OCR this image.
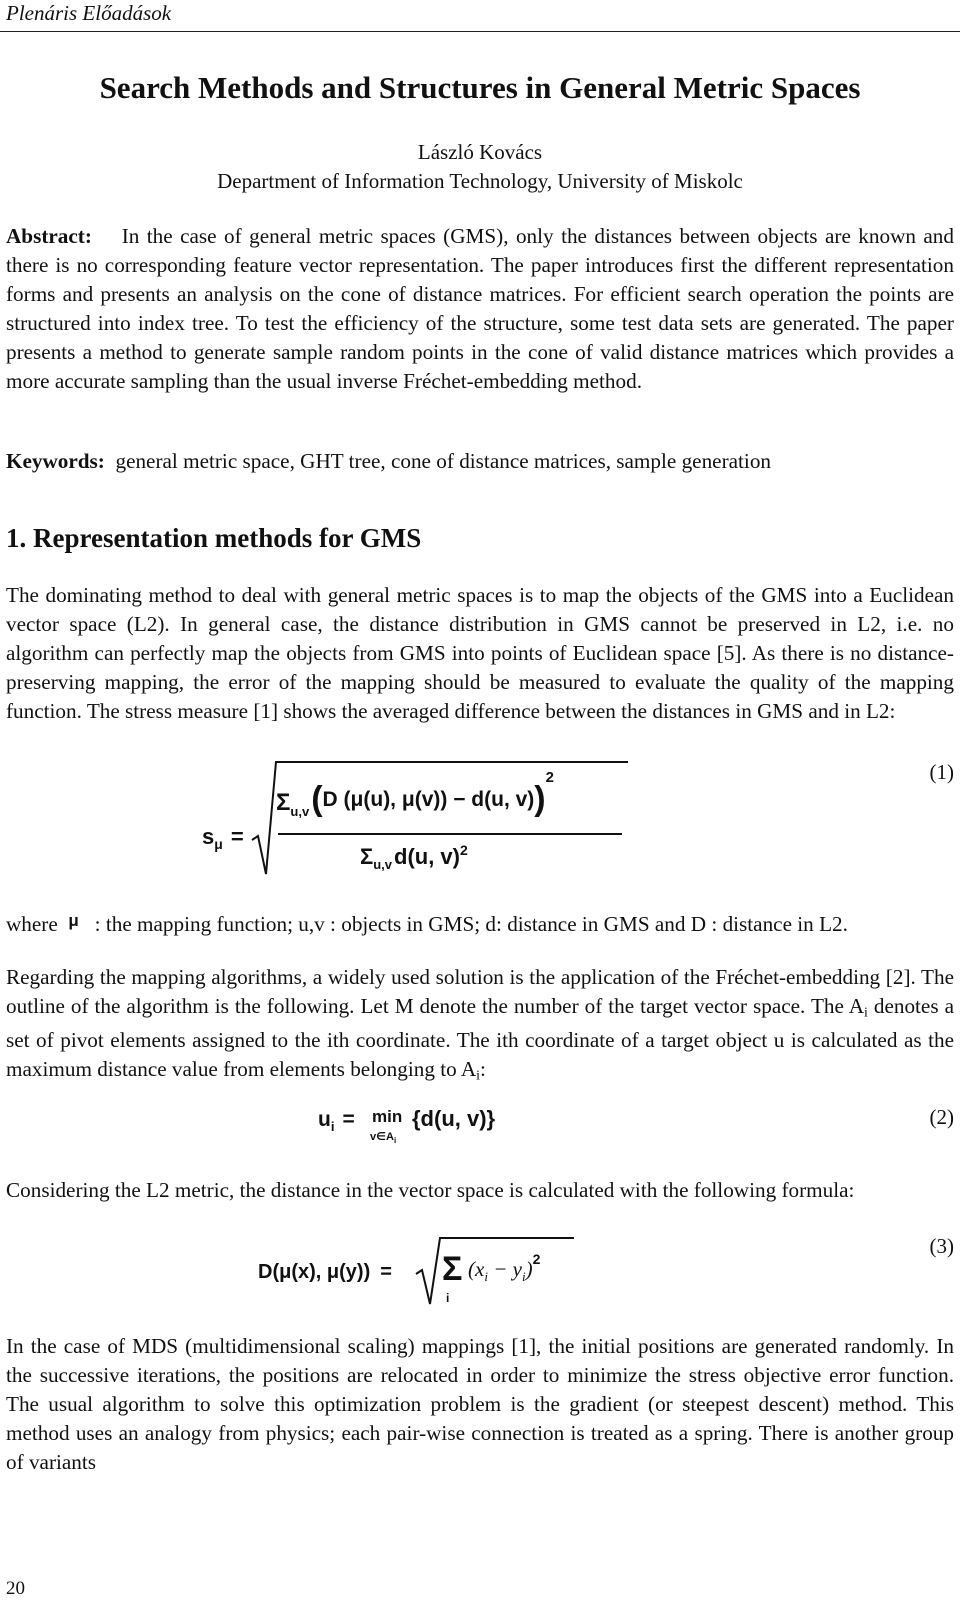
Plenáris Előadások
Search Methods and Structures in General Metric Spaces
László Kovács
Department of Information Technology, University of Miskolc
Abstract: In the case of general metric spaces (GMS), only the distances between objects are known and there is no corresponding feature vector representation. The paper introduces first the different representation forms and presents an analysis on the cone of distance matrices. For efficient search operation the points are structured into index tree. To test the efficiency of the structure, some test data sets are generated. The paper presents a method to generate sample random points in the cone of valid distance matrices which provides a more accurate sampling than the usual inverse Fréchet-embedding method.
Keywords: general metric space, GHT tree, cone of distance matrices, sample generation
1. Representation methods for GMS
The dominating method to deal with general metric spaces is to map the objects of the GMS into a Euclidean vector space (L2). In general case, the distance distribution in GMS cannot be preserved in L2, i.e. no algorithm can perfectly map the objects from GMS into points of Euclidean space [5]. As there is no distance-preserving mapping, the error of the mapping should be measured to evaluate the quality of the mapping function. The stress measure [1] shows the averaged difference between the distances in GMS and in L2:
$s_\mu$ =
$\Sigma_{u,v}(D$ (μ(u), μ(v)) − d(u, v))$^2$
$\Sigma_{u,v}d(u$, v)$^2$
(1)
where $^\mu$ : the mapping function; u,v : objects in GMS; d: distance in GMS and D : distance in L2.
Regarding the mapping algorithms, a widely used solution is the application of the Fréchet-embedding [2]. The outline of the algorithm is the following. Let M denote the number of the target vector space. The $A_i$ denotes a set of pivot elements assigned to the ith coordinate. The ith coordinate of a target object u is calculated as the maximum distance value from elements belonging to $A_i$:
$u_i = \min$
$v\in A_i$
{d(u, v)}	(2)
Considering the L2 metric, the distance in the vector space is calculated with the following formula:
D(μ(x), μ(y)) = Σ
i
$(x_i - y_i)^2$
(3)
In the case of MDS (multidimensional scaling) mappings [1], the initial positions are generated randomly. In the successive iterations, the positions are relocated in order to minimize the stress objective error function. The usual algorithm to solve this optimization problem is the gradient (or steepest descent) method. This method uses an analogy from physics; each pair-wise connection is treated as a spring. There is another group of variants
20
